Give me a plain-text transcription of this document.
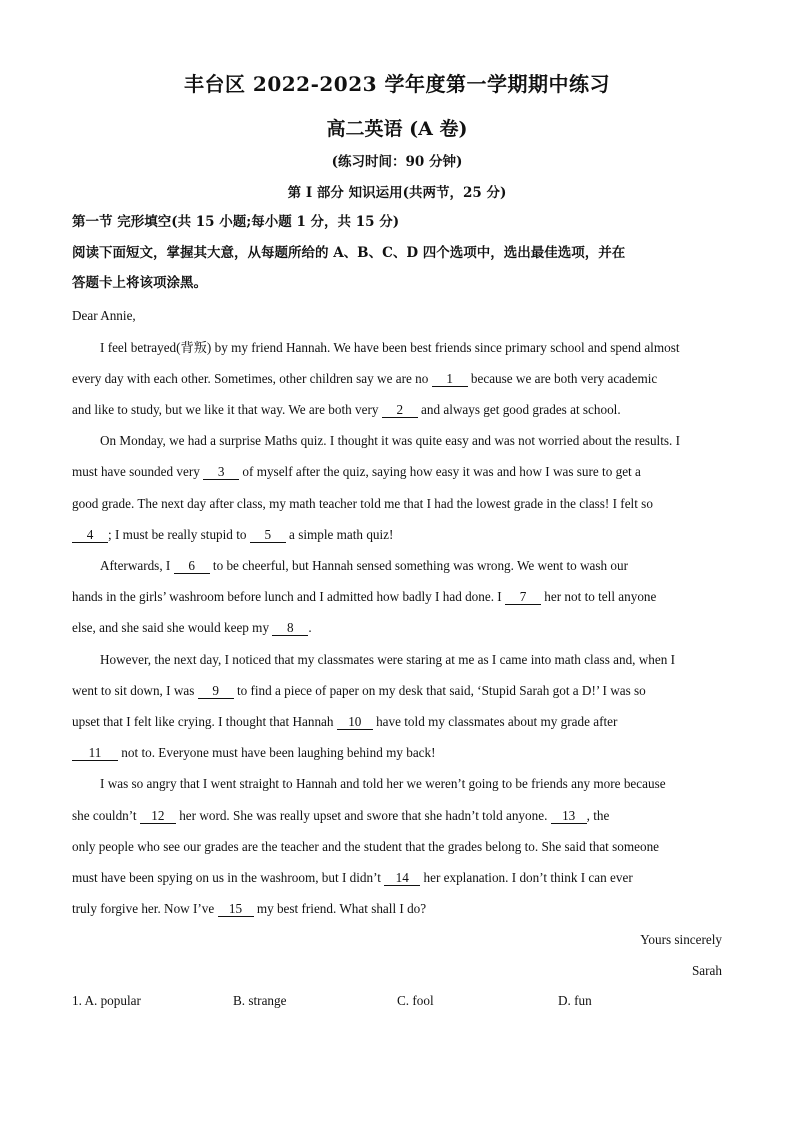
丰台区 2022-2023 学年度第一学期期中练习
高二英语 (A 卷)
(练习时间：90 分钟)
第 I 部分 知识运用(共两节，25 分)
第一节 完形填空(共 15 小题;每小题 1 分，共 15 分)
阅读下面短文，掌握其大意，从每题所给的 A、B、C、D 四个选项中，选出最佳选项，并在
答题卡上将该项涂黑。
Dear Annie,
I feel betrayed(背叛) by my friend Hannah. We have been best friends since primary school and spend almost
every day with each other. Sometimes, other children say we are no 1 because we are both very academic
and like to study, but we like it that way. We are both very 2 and always get good grades at school.
On Monday, we had a surprise Maths quiz. I thought it was quite easy and was not worried about the results. I
must have sounded very 3 of myself after the quiz, saying how easy it was and how I was sure to get a
good grade. The next day after class, my math teacher told me that I had the lowest grade in the class! I felt so
4 ; I must be really stupid to 5 a simple math quiz!
Afterwards, I 6 to be cheerful, but Hannah sensed something was wrong. We went to wash our
hands in the girls’ washroom before lunch and I admitted how badly I had done. I 7 her not to tell anyone
else, and she said she would keep my 8 .
However, the next day, I noticed that my classmates were staring at me as I came into math class and, when I
went to sit down, I was 9 to find a piece of paper on my desk that said, ‘Stupid Sarah got a D!’ I was so
upset that I felt like crying. I thought that Hannah 10 have told my classmates about my grade after
11 not to. Everyone must have been laughing behind my back!
I was so angry that I went straight to Hannah and told her we weren’t going to be friends any more because
she couldn’t 12 her word. She was really upset and swore that she hadn’t told anyone. 13 , the
only people who see our grades are the teacher and the student that the grades belong to. She said that someone
must have been spying on us in the washroom, but I didn’t 14 her explanation. I don’t think I can ever
truly forgive her. Now I’ve 15 my best friend. What shall I do?
Yours sincerely
Sarah
1. A. popular	B. strange	C. fool	D. fun
